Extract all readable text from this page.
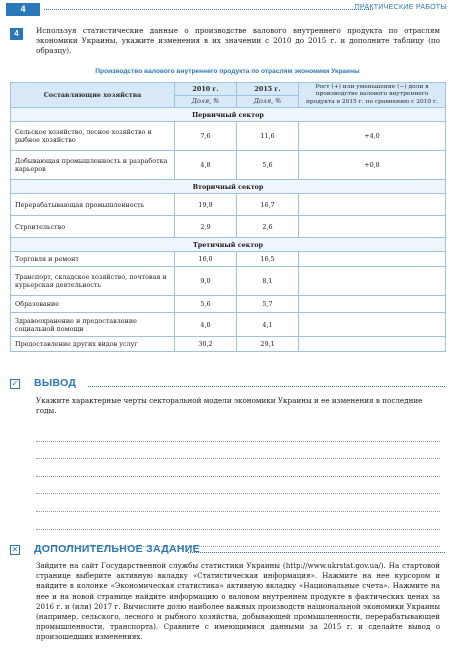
4	ПРАКТИЧЕСКИЕ РАБОТЫ
4	Используя статистические данные о производстве валового внутреннего продукта по отраслям экономики Украины, укажите изменения в их значении с 2010 до 2015 г. и дополните таблицу (по образцу).
Производство валового внутреннего продукта по отраслям экономики Украины
Составляющие хозяйства	2010 г.	2015 г.	Рост (+) или уменьшение (−) доли в производстве валового внутреннего продукта в 2015 г. по сравнению с 2010 г.
	Доля, %	Доля, %	
Первичный сектор			
Сельское хозяйство, лесное хозяйство и рыбное хозяйство	7,6	11,6	+4,0
Добывающая промышленность и разработка карьеров	4,8	5,6	+0,8
Вторичный сектор			
Перерабатывающая промышленность	19,9	16,7	
Строительство	2,9	2,6	
Третичный сектор			
Торговля и ремонт	16,0	16,5	
Транспорт, складское хозяйство, почтовая и курьерская деятельность	9,0	8,1	
Образование	5,6	5,7	
Здравоохранение и предоставление социальной помощи	4,0	4,1	
Предоставление других видов услуг	30,2	29,1	
✓ ВЫВОД
Укажите характерные черты секторальной модели экономики Украины и ее изменения в последние годы.
✕ ДОПОЛНИТЕЛЬНОЕ ЗАДАНИЕ
Зайдите на сайт Государственной службы статистики Украины (http://www.ukrstat.gov.ua/). На стартовой странице выберите активную вкладку «Статистическая информация». Нажмите на нее курсором и найдите в колонке «Экономическая статистика» активную вкладку «Национальные счета». Нажмите на нее и на новой странице найдите информацию о валовом внутреннем продукте в фактических ценах за 2016 г. и (или) 2017 г. Вычислите долю наиболее важных производств национальной экономики Украины (например, сельского, лесного и рыбного хозяйства, добывающей промышленности, перерабатывающей промышленности, транспорта). Сравните с имеющимися данными за 2015 г. и сделайте вывод о произошедших изменениях.
